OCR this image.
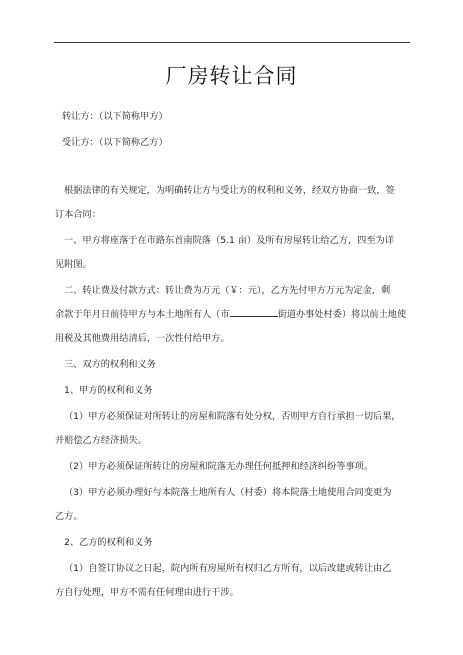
厂房转让合同
转让方：（以下简称甲方）
受让方：（以下简称乙方）
根据法律的有关规定，为明确转让方与受让方的权利和义务，经双方协商一致，签
订本合同：
一、甲方将座落于在市路东首南院落（5.1 亩）及所有房屋转让给乙方，四至为详
见附图。
二、转让费及付款方式：转让费为万元（￥：元），乙方先付甲方万元为定金，剩
余款于年月日前待甲方与本土地所有人（市	街道办事处村委）将以前土地使
用税及其他费用结清后，一次性付给甲方。
三、双方的权利和义务
1、甲方的权利和义务
（1）甲方必须保证对所转让的房屋和院落有处分权，否则甲方自行承担一切后果，
并赔偿乙方经济损失。
（2）甲方必须保证所转让的房屋和院落无办理任何抵押和经济纠纷等事项。
（3）甲方必须办理好与本院落土地所有人（村委）将本院落土地使用合同变更为
乙方。
2、乙方的权利和义务
（1）自签订协议之日起，院内所有房屋所有权归乙方所有，以后改建或转让由乙
方自行处理，甲方不需有任何理由进行干涉。
